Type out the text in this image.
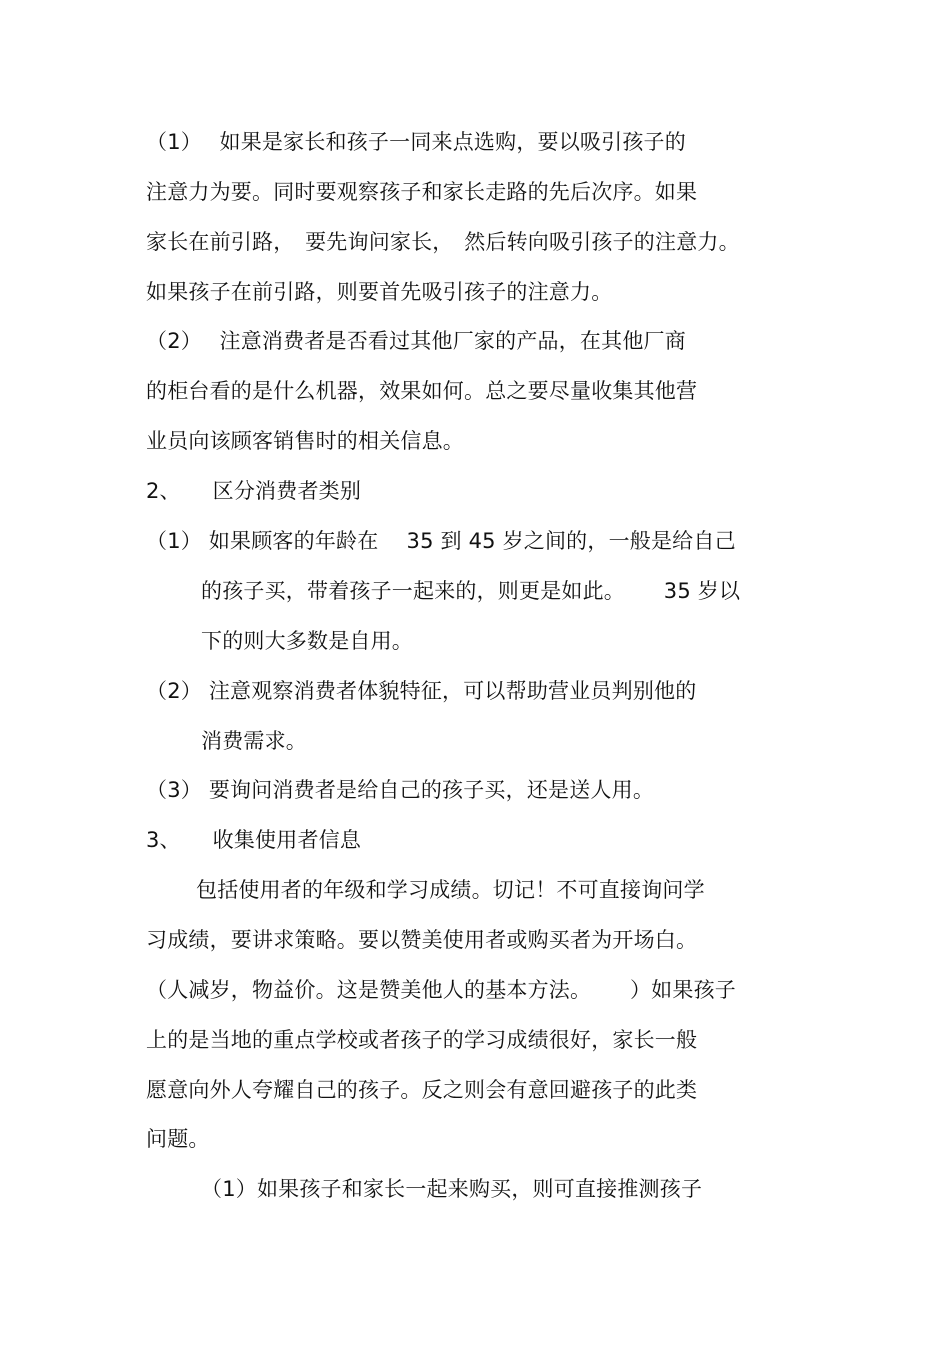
（1）　 如果是家长和孩子一同来点选购，要以吸引孩子的
注意力为要。同时要观察孩子和家长走路的先后次序。如果
家长在前引路，　要先询问家长，　然后转向吸引孩子的注意力。
如果孩子在前引路，则要首先吸引孩子的注意力。
（2）　 注意消费者是否看过其他厂家的产品，在其他厂商
的柜台看的是什么机器，效果如何。总之要尽量收集其他营
业员向该顾客销售时的相关信息。
2、　　区分消费者类别
（1） 如果顾客的年龄在　 35 到 45 岁之间的，一般是给自己
的孩子买，带着孩子一起来的，则更是如此。　　 35 岁以
下的则大多数是自用。
（2） 注意观察消费者体貌特征，可以帮助营业员判别他的
消费需求。
（3） 要询问消费者是给自己的孩子买，还是送人用。
3、　　收集使用者信息
包括使用者的年级和学习成绩。切记！不可直接询问学
习成绩，要讲求策略。要以赞美使用者或购买者为开场白。
（人减岁，物益价。这是赞美他人的基本方法。　　 ）如果孩子
上的是当地的重点学校或者孩子的学习成绩很好，家长一般
愿意向外人夸耀自己的孩子。反之则会有意回避孩子的此类
问题。
（1）如果孩子和家长一起来购买，则可直接推测孩子
